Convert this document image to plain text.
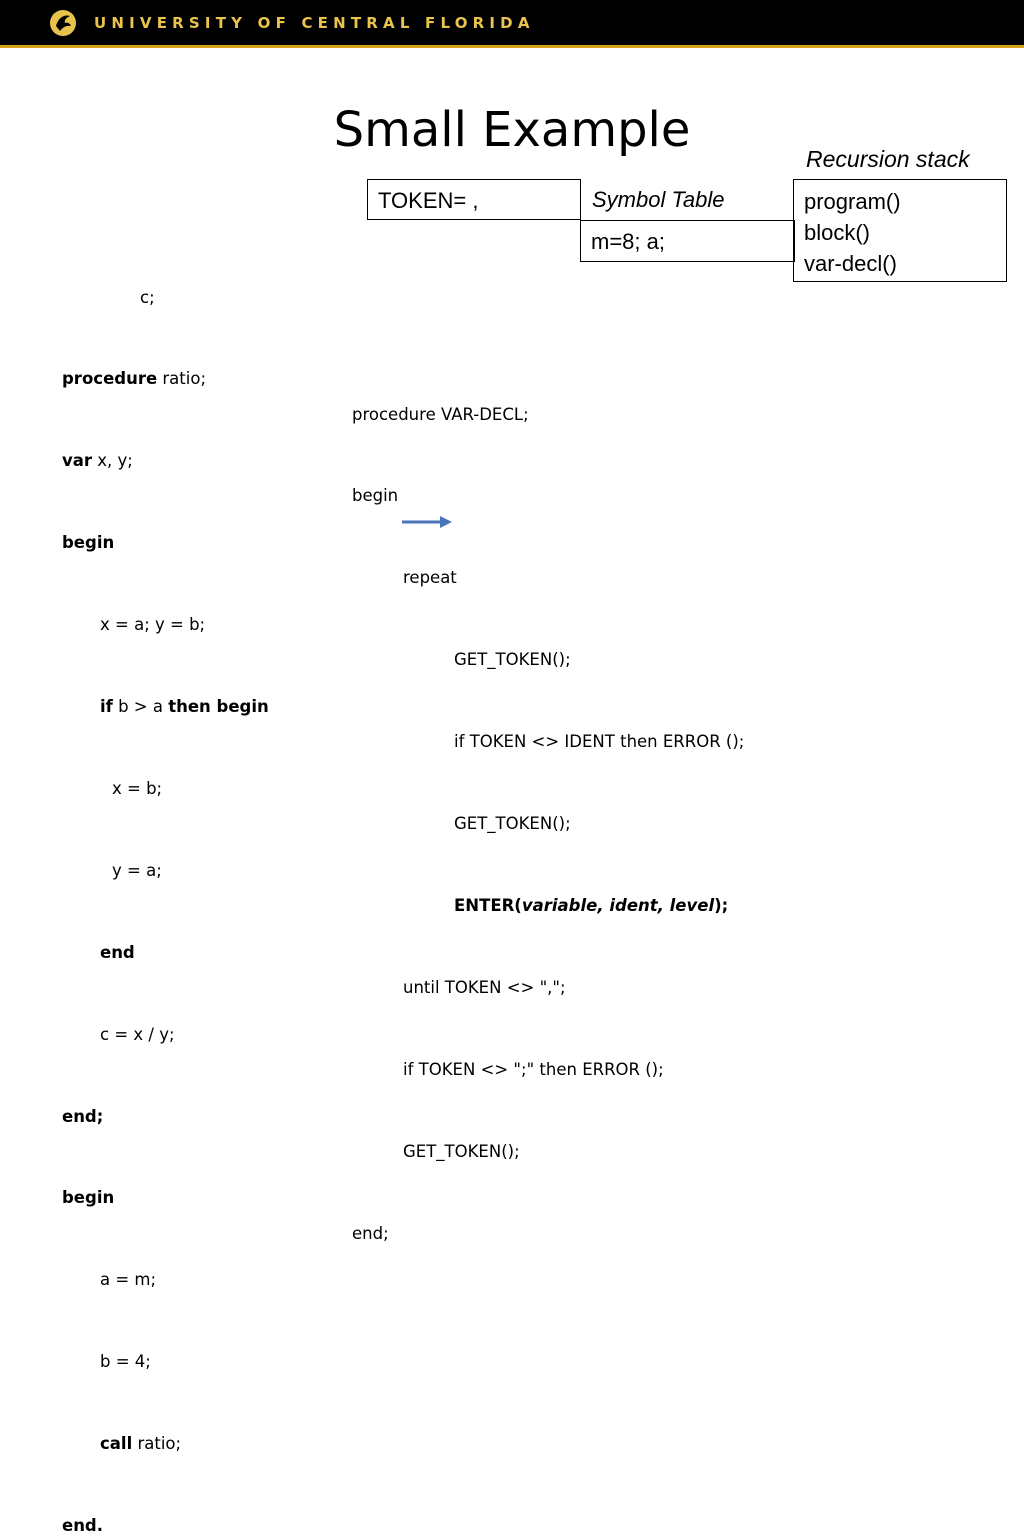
UNIVERSITY OF CENTRAL FLORIDA
Small Example
Recursion stack
TOKEN= ,	Symbol Table
m=8; a;
program()
block()
var-decl()

c;

procedure ratio;

var x, y;

begin

x = a; y = b;

if b > a then begin

x = b;

y = a;

end

c = x / y;

end;

begin

a = m;

b = 4;

call ratio;

end.

procedure VAR-DECL;

begin

repeat

GET_TOKEN();

if TOKEN <> IDENT then ERROR ();

GET_TOKEN();

ENTER(variable, ident, level);

until TOKEN <> ",";

if TOKEN <> ";" then ERROR ();

GET_TOKEN();

end;
